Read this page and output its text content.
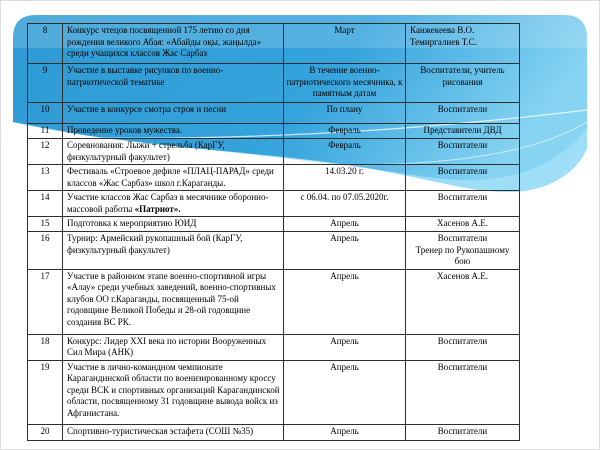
8	Конкурс чтецов посвященной 175 летию со дня рождения великого Абая: «Абайды оқы, жаңылда» среди учащихся классов Жас Сарбаз	Март	Канжекеева В.О.
Темиргалиев Т.С.

9	Участие в выставке рисунков по военно-патриотической тематике	В течение военно-патриотического месячника, к памятным датам	Воспитатели, учитель рисования

10	Участие в конкурсе смотра строя и песни	По плану	Воспитатели

11	Проведение уроков мужества.	Февраль	Представители ДВД

12	Соревнования: Лыжи + стрельба (КарГУ, физкультурный факультет)	Февраль	Воспитатели

13	Фестиваль «Строевое дефиле «ПЛАЦ-ПАРАД» среди классов «Жас Сарбаз» школ г.Караганды.	14.03.20 г.	Воспитатели

14	Участие классов Жас Сарбаз в месячнике оборонно-массовой работы «Патриот».	с 06.04. по 07.05.2020г.	Воспитатели

15	Подготовка к мероприятию ЮИД	Апрель	Хасенов А.Е.

16	Турнир: Армейский рукопашный бой (КарГУ, физкультурный факультет)	Апрель	Воспитатели
Тренер по Рукопашному бою

17	Участие в районном этапе военно-спортивной игры «Алау» среди учебных заведений, военно-спортивных клубов ОО г.Караганды, посвященный 75-ой годовщине Великой Победы и 28-ой годовщине создания ВС РК.	Апрель	Хасенов А.Е.

18	Конкурс: Лидер XXI века по истории Вооруженных Сил Мира (АНК)	Апрель	Воспитатели

19	Участие в лично-командном чемпионате Карагандинской области по военизированному кроссу среди ВСК и спортивных организаций Карагандинской области, посвященному 31 годовщине вывода войск из Афганистана.	Апрель	Воспитатели

20	Спортивно-туристическая эстафета (СОШ №35)	Апрель	Воспитатели
